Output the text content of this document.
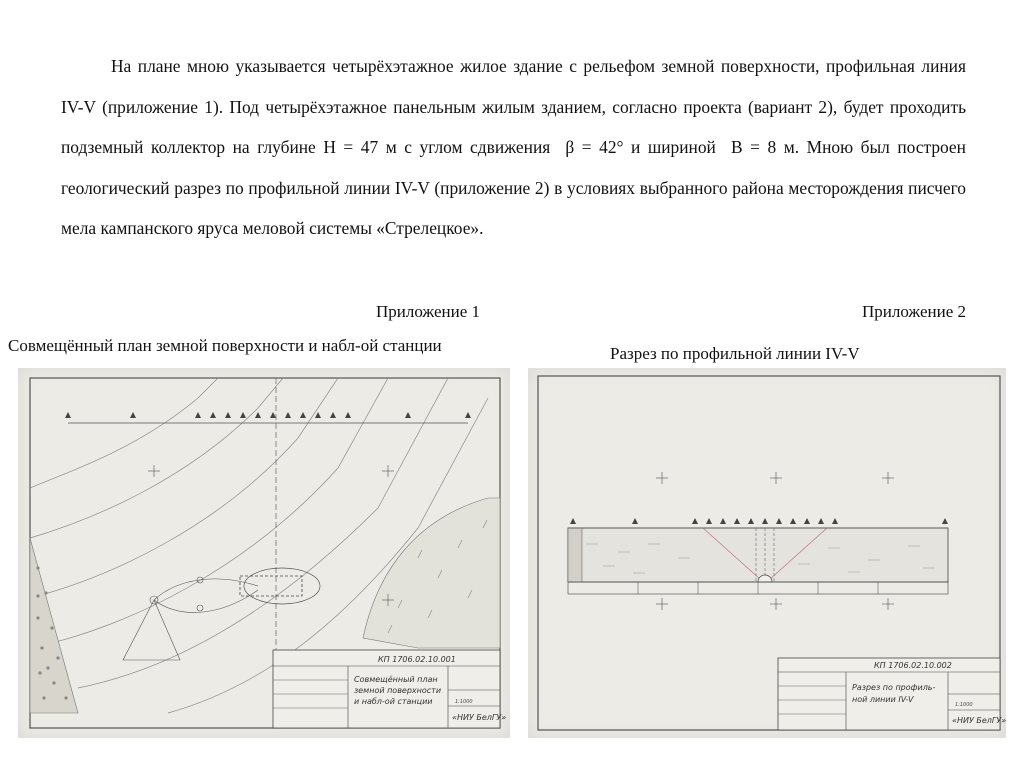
На плане мною указывается четырёхэтажное жилое здание с рельефом земной поверхности, профильная линия IV-V (приложение 1). Под четырёхэтажное панельным жилым зданием, согласно проекта (вариант 2), будет проходить подземный коллектор на глубине Н = 47 м с углом сдвижения β = 42° и шириной В = 8 м. Мною был построен геологический разрез по профильной линии IV-V (приложение 2) в условиях выбранного района месторождения писчего мела кампанского яруса меловой системы «Стрелецкое».

Приложение 1	Приложение 2
Совмещённый план земной поверхности и набл-ой станции	Разрез по профильной линии IV-V
КП 1706.02.10.001
Совмещённый план
земной поверхности
и набл-ой станции	1:1000
«НИУ БелГУ»
КП 1706.02.10.002
Разрез по профиль-
ной линии IV-V
1:1000
«НИУ БелГУ»
